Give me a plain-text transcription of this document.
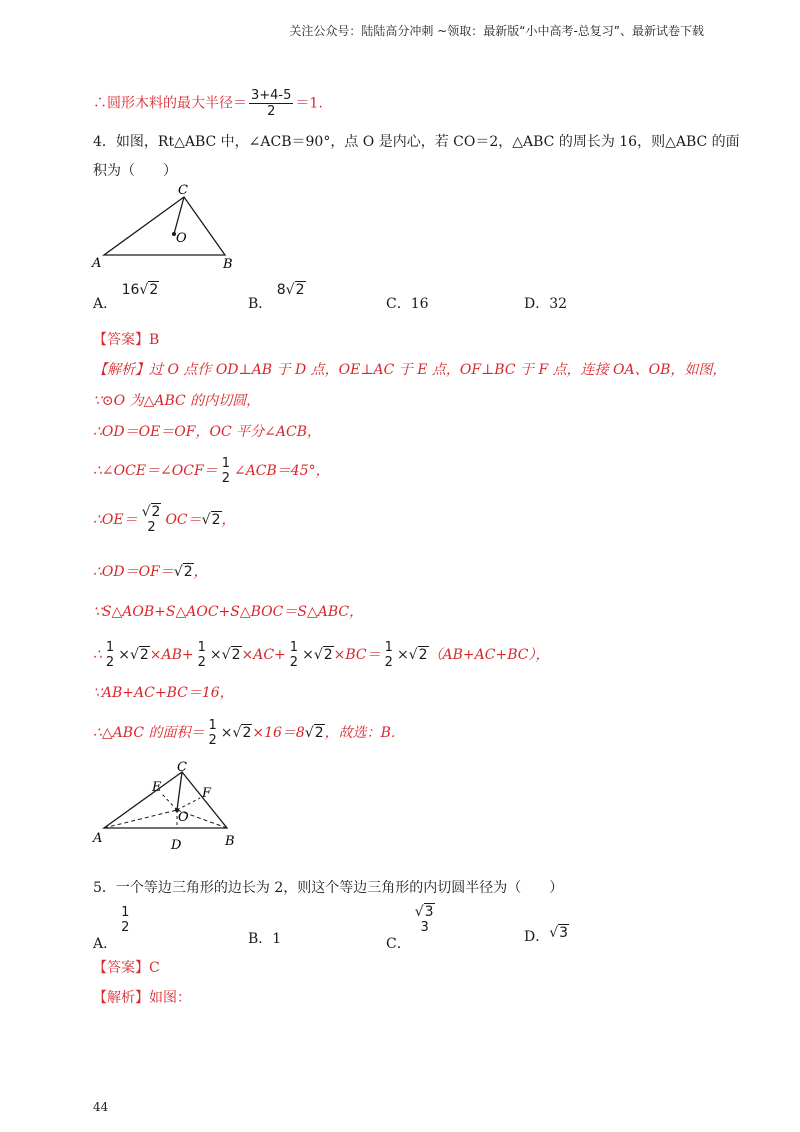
关注公众号：陆陆高分冲刺 ~领取：最新版“小中高考-总复习”、最新试卷下载
∴圆形木料的最大半径＝ $\frac{3+4-5}{2} =1$.
4．如图，Rt△ABC 中，∠ACB＝90°，点 O 是内心，若 CO＝2，△ABC 的周长为 16，则△ABC 的面
积为（　　）
A	B
C
O
A． 16√2
B． 8√2
C．16	D．32
【答案】B
【解析】过 O 点作 OD⊥AB 于 D 点，OE⊥AC 于 E 点，OF⊥BC 于 F 点，连接 OA、OB，如图，
∵⊙O 为△ABC 的内切圆，
∴OD＝OE＝OF，OC 平分∠ACB，
∴∠OCE＝∠OCF＝ 1
2 ∠ACB＝45°，
∴OE＝ √2
2 OC＝√2，
∴OD＝OF＝√2，
∵S△AOB+S△AOC+S△BOC＝S△ABC，
∴ 1
2 ×√2×AB+ 1
2 ×√2×AC+ 1
2 ×√2×BC＝ 1
2 ×√2（AB+AC+BC），
∵AB+AC+BC＝16，
∴△ABC 的面积＝ 1
2 ×√2×16＝8√2，故选：B.
A	B
C
O
D
E	F
5．一个等边三角形的边长为 2，则这个等边三角形的内切圆半径为（　　）
A．
1
2
B．1	C．
√3
3
D．√3
【答案】C
【解析】如图：
44
